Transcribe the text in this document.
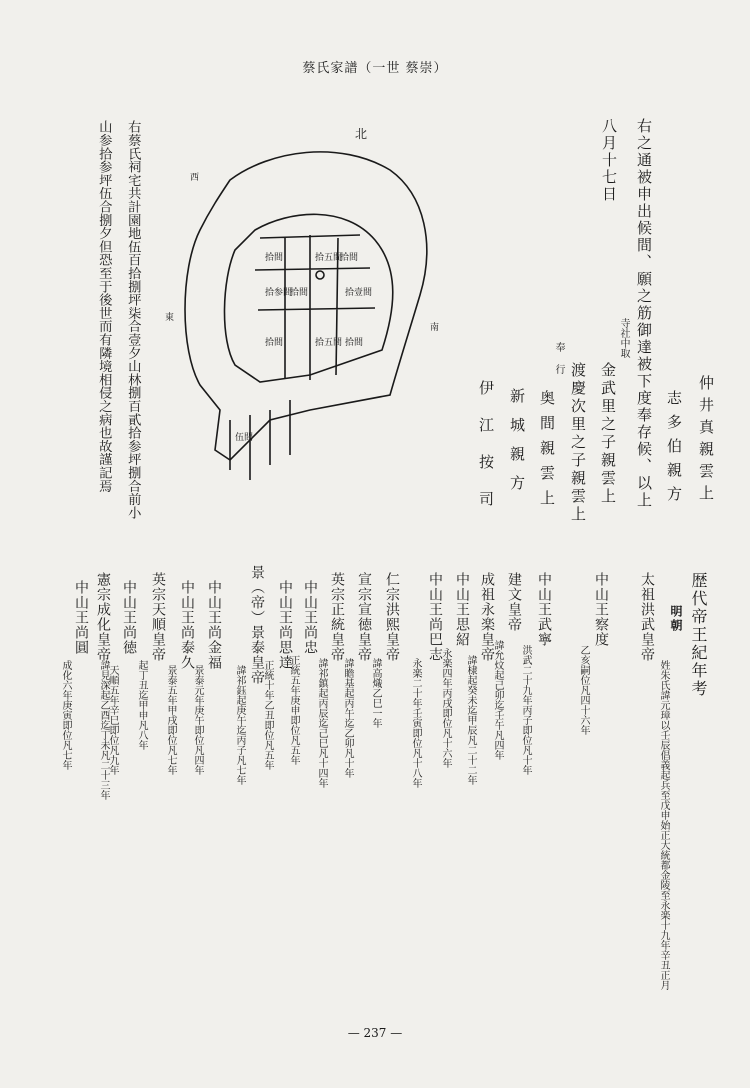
蔡氏家譜（一世 蔡崇）
右之通被申出候間、願之筋御達被下度奉存候、以上
八月十七日
仲井真親雲上
志多伯親方
寺社中取
金武里之子親雲上
渡慶次里之子親雲上
奉行
奥間親雲上
新城親方
伊江按司
北
西
南
東
拾間	拾五間
拾間
拾参間
拾間	拾壹間
拾間	拾五間 拾間
伍間
右蔡氏祠宅共計園地伍百拾捌坪柒合壹夕山林捌百貳拾参坪捌合前小
山参拾参坪伍合捌夕但恐至于後世而有隣境相侵之病也故謹記焉
歴代帝王紀年考
明朝
太祖洪武皇帝
姓朱氏諱元璋以壬辰倡義起兵至戊申始正大統都金陵至永楽十九年辛丑正月
中山王察度
乙亥嗣位凡四十六年
中山王武寧
洪武二十九年丙子即位凡十年
建文皇帝
諱允炆起己卯迄壬午凡四年
成祖永楽皇帝
諱棣起癸未迄甲辰凡二十二年
中山王思紹
永楽四年丙戌即位凡十六年
中山王尚巴志
永楽二十年壬寅即位凡十八年
仁宗洪熙皇帝
諱高熾乙巳一年
宣宗宣徳皇帝
諱瞻基起丙午迄乙卯凡十年
英宗正統皇帝
諱祁鎮起丙辰迄己巳凡十四年
中山王尚忠
正統五年庚申即位凡五年
中山王尚思達
正統十年乙丑即位凡五年
景（帝）景泰皇帝
諱祁鈺起庚午迄丙子凡七年
中山王尚金福
景泰元年庚午即位凡四年
中山王尚泰久
景泰五年甲戌即位凡七年
英宗天順皇帝
起丁丑迄甲申凡八年
中山王尚徳
天順五年辛巳即位凡九年
憲宗成化皇帝
諱見深起乙酉迄丁未凡二十三年
中山王尚圓
成化六年庚寅即位凡七年
— 237 —
